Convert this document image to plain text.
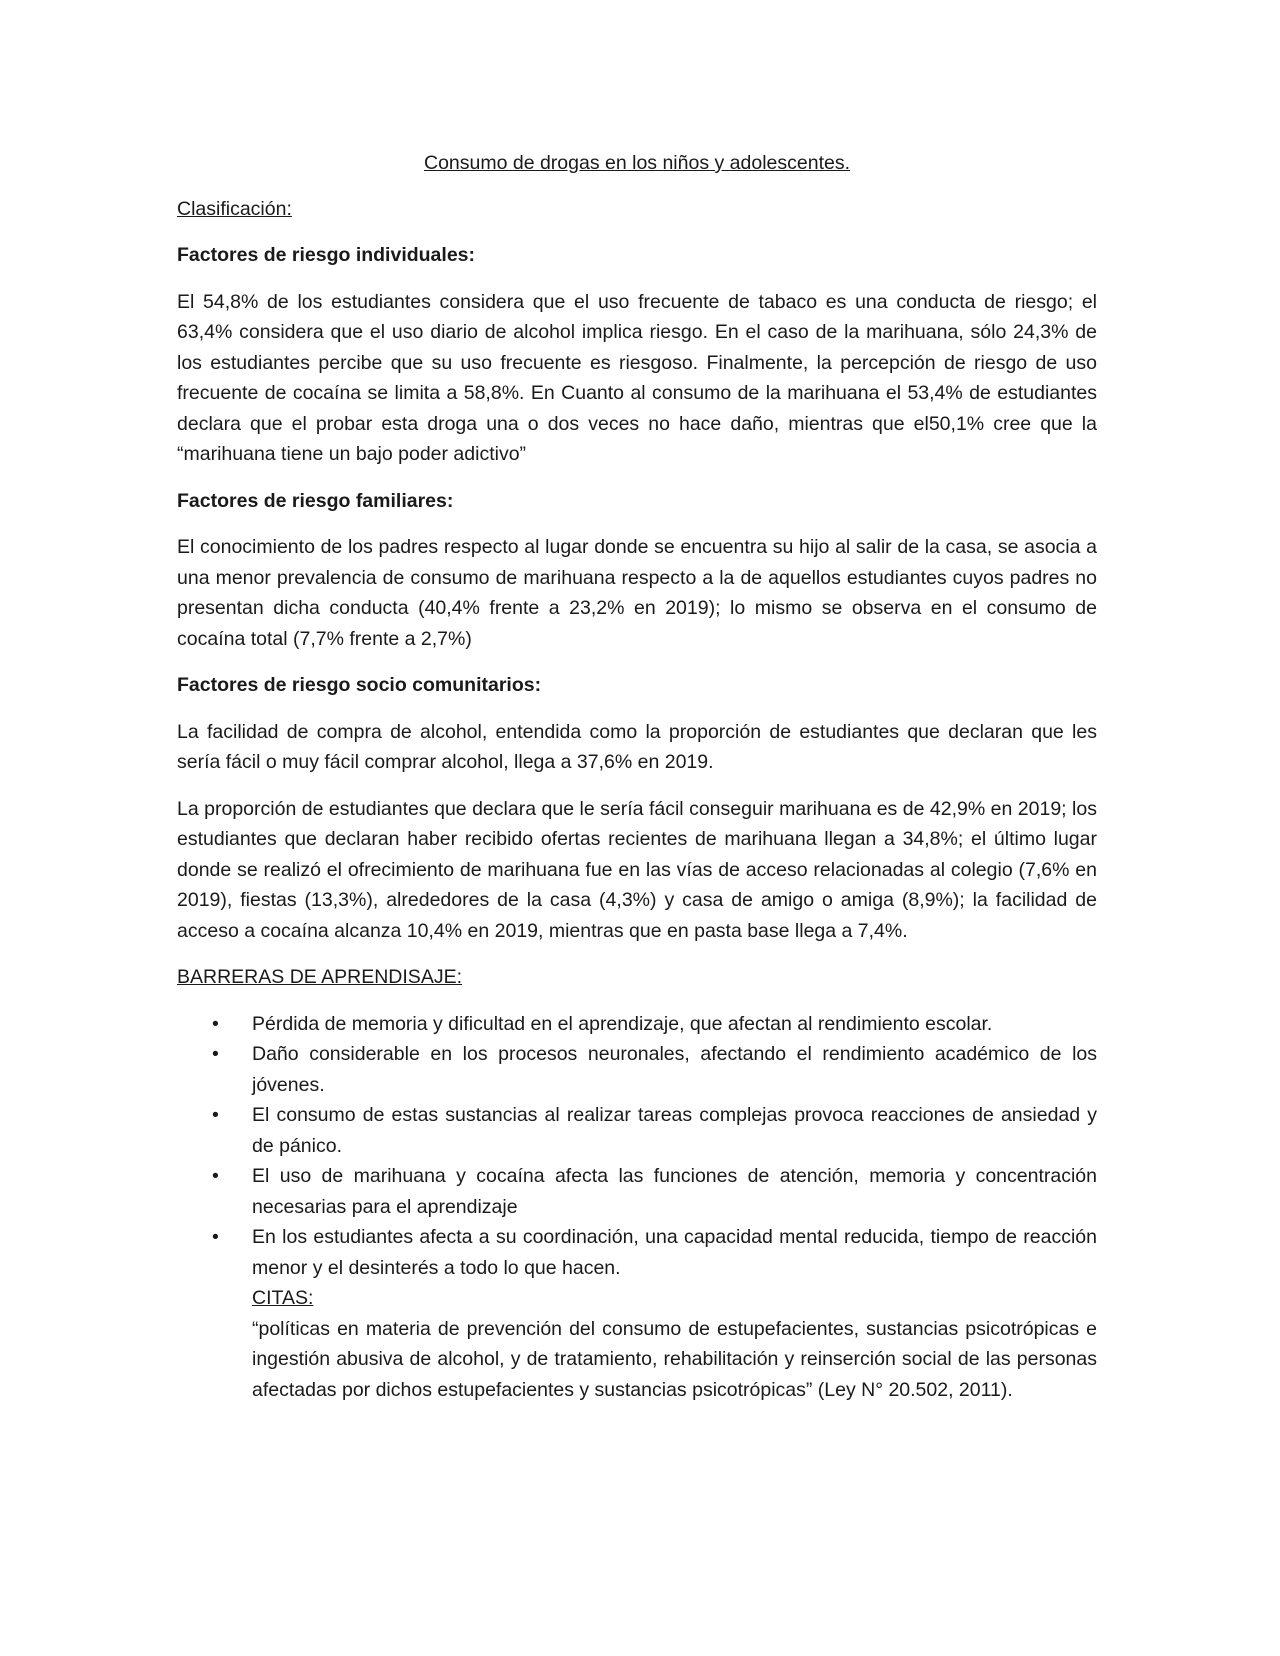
Consumo de drogas en los niños y adolescentes.

Clasificación:

Factores de riesgo individuales:

El 54,8% de los estudiantes considera que el uso frecuente de tabaco es una conducta de riesgo; el 63,4% considera que el uso diario de alcohol implica riesgo. En el caso de la marihuana, sólo 24,3% de los estudiantes percibe que su uso frecuente es riesgoso. Finalmente, la percepción de riesgo de uso frecuente de cocaína se limita a 58,8%. En Cuanto al consumo de la marihuana el 53,4% de estudiantes declara que el probar esta droga una o dos veces no hace daño, mientras que el50,1% cree que la “marihuana tiene un bajo poder adictivo”

Factores de riesgo familiares:

El conocimiento de los padres respecto al lugar donde se encuentra su hijo al salir de la casa, se asocia a una menor prevalencia de consumo de marihuana respecto a la de aquellos estudiantes cuyos padres no presentan dicha conducta (40,4% frente a 23,2% en 2019); lo mismo se observa en el consumo de cocaína total (7,7% frente a 2,7%)

Factores de riesgo socio comunitarios:

La facilidad de compra de alcohol, entendida como la proporción de estudiantes que declaran que les sería fácil o muy fácil comprar alcohol, llega a 37,6% en 2019.

La proporción de estudiantes que declara que le sería fácil conseguir marihuana es de 42,9% en 2019; los estudiantes que declaran haber recibido ofertas recientes de marihuana llegan a 34,8%; el último lugar donde se realizó el ofrecimiento de marihuana fue en las vías de acceso relacionadas al colegio (7,6% en 2019), fiestas (13,3%), alrededores de la casa (4,3%) y casa de amigo o amiga (8,9%); la facilidad de acceso a cocaína alcanza 10,4% en 2019, mientras que en pasta base llega a 7,4%.

BARRERAS DE APRENDISAJE:

• Pérdida de memoria y dificultad en el aprendizaje, que afectan al rendimiento escolar.
• Daño considerable en los procesos neuronales, afectando el rendimiento académico de los jóvenes.
• El consumo de estas sustancias al realizar tareas complejas provoca reacciones de ansiedad y de pánico.
• El uso de marihuana y cocaína afecta las funciones de atención, memoria y concentración necesarias para el aprendizaje
• En los estudiantes afecta a su coordinación, una capacidad mental reducida, tiempo de reacción menor y el desinterés a todo lo que hacen.
CITAS:
“políticas en materia de prevención del consumo de estupefacientes, sustancias psicotrópicas e ingestión abusiva de alcohol, y de tratamiento, rehabilitación y reinserción social de las personas afectadas por dichos estupefacientes y sustancias psicotrópicas” (Ley N° 20.502, 2011).
